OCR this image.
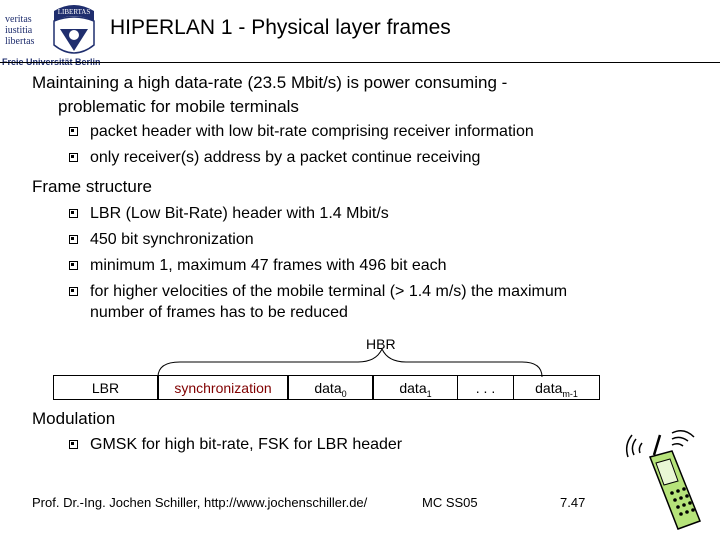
veritas
iustitia
libertas
LIBERTAS
Freie Universität Berlin
HIPERLAN 1 - Physical layer frames
Maintaining a high data-rate (23.5 Mbit/s) is power consuming -
problematic for mobile terminals
packet header with low bit-rate comprising receiver information
only receiver(s) address by a packet continue receiving
Frame structure
LBR (Low Bit-Rate) header with 1.4 Mbit/s
450 bit synchronization
minimum 1, maximum 47 frames with 496 bit each
for higher velocities of the mobile terminal (> 1.4 m/s) the maximum
number of frames has to be reduced
HBR
LBR	synchronization	data$_0$	data$_1$	. . .	data$_{m-1}$
Modulation
GMSK for high bit-rate, FSK for LBR header
Prof. Dr.-Ing. Jochen Schiller, http://www.jochenschiller.de/	MC SS05	7.47
